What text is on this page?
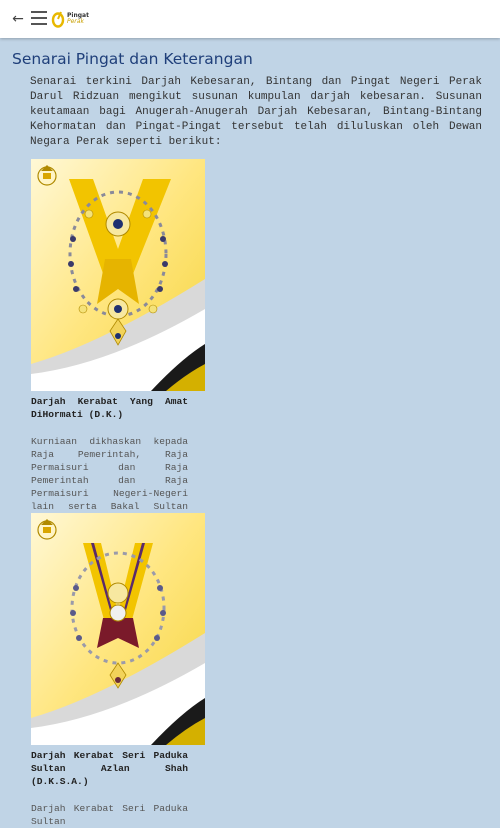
←	Pingat
Perak
Senarai Pingat dan Keterangan

Senarai terkini Darjah Kebesaran, Bintang dan Pingat Negeri Perak Darul Ridzuan mengikut susunan kumpulan darjah kebesaran. Susunan keutamaan bagi Anugerah-Anugerah Darjah Kebesaran, Bintang-Bintang Kehormatan dan Pingat-Pingat tersebut telah diluluskan oleh Dewan Negara Perak seperti berikut:

Darjah Kerabat Yang Amat DiHormati (D.K.)
Kurniaan dikhaskan kepada Raja Pemerintah, Raja Permaisuri dan Raja Pemerintah dan Raja Permaisuri Negeri-Negeri lain serta Bakal Sultan
Darjah Kerabat Seri Paduka Sultan Azlan Shah (D.K.S.A.)
Darjah Kerabat Seri Paduka Sultan
